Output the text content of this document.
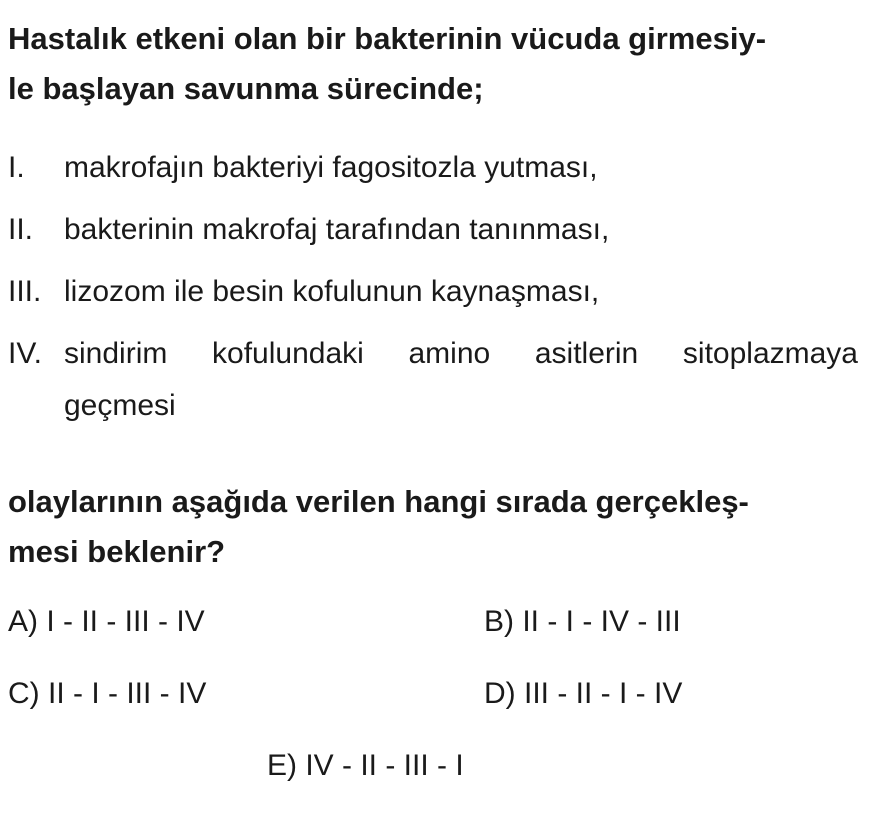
Hastalık etkeni olan bir bakterinin vücuda girmesiy-
le başlayan savunma sürecinde;

I.	makrofajın bakteriyi fagositozla yutması,
II.	bakterinin makrofaj tarafından tanınması,
III. lizozom ile besin kofulunun kaynaşması,
IV. sindirim kofulundaki amino asitlerin sitoplazmaya
geçmesi

olaylarının aşağıda verilen hangi sırada gerçekleş-
mesi beklenir?

A) I - II - III - IV	B) II - I - IV - III
C) II - I - III - IV	D) III - II - I - IV
E) IV - II - III - I
